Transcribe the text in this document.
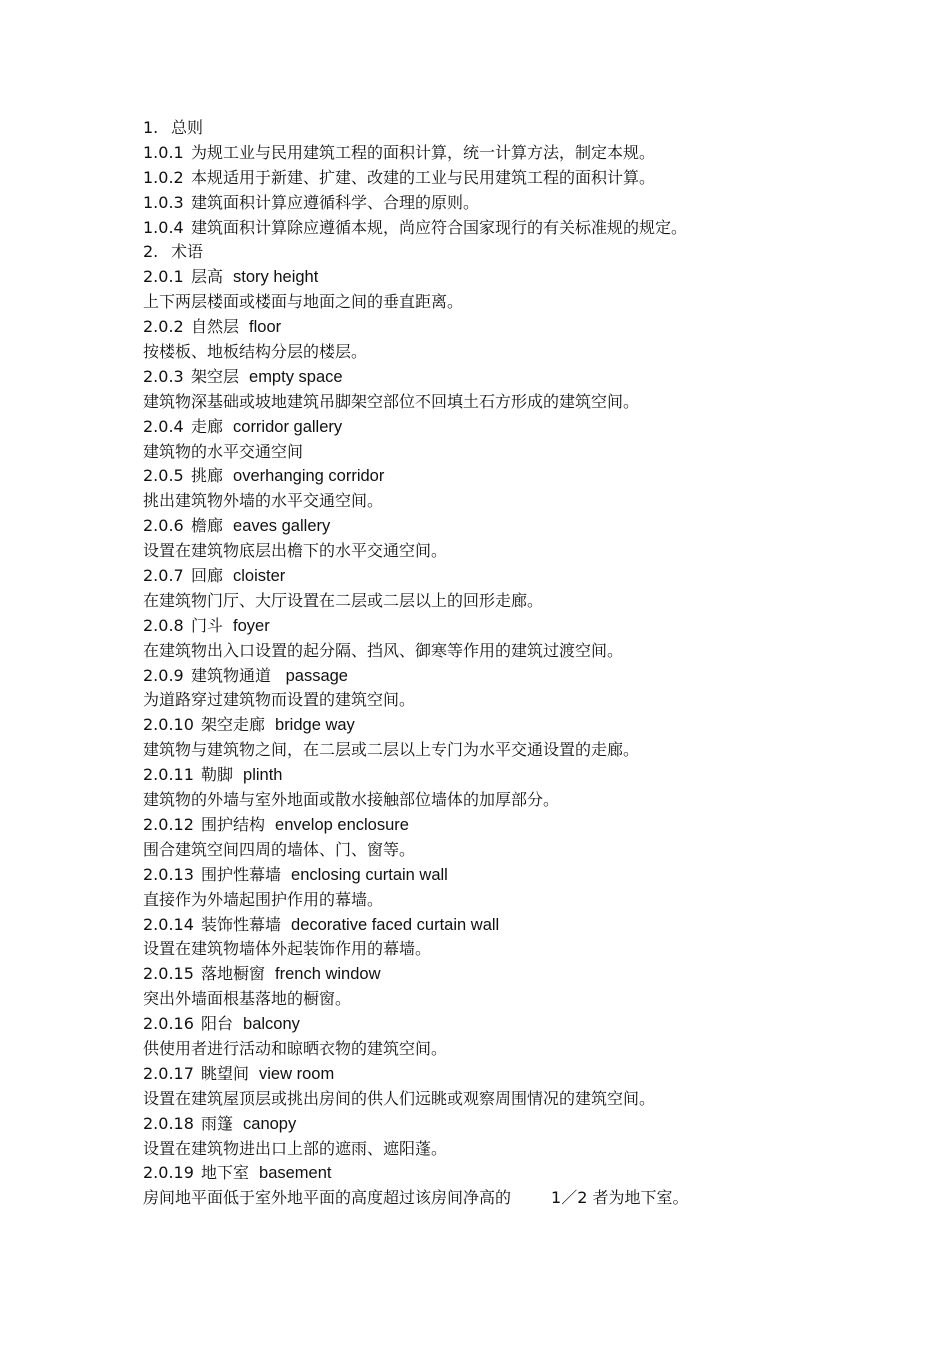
1. 总则
1.0.1 为规工业与民用建筑工程的面积计算，统一计算方法，制定本规。
1.0.2 本规适用于新建、扩建、改建的工业与民用建筑工程的面积计算。
1.0.3 建筑面积计算应遵循科学、合理的原则。
1.0.4 建筑面积计算除应遵循本规，尚应符合国家现行的有关标准规的规定。
2. 术语
2.0.1 层高 story height
上下两层楼面或楼面与地面之间的垂直距离。
2.0.2 自然层 floor
按楼板、地板结构分层的楼层。
2.0.3 架空层 empty space
建筑物深基础或坡地建筑吊脚架空部位不回填土石方形成的建筑空间。
2.0.4 走廊 corridor gallery
建筑物的水平交通空间
2.0.5 挑廊 overhanging corridor
挑出建筑物外墙的水平交通空间。
2.0.6 檐廊 eaves gallery
设置在建筑物底层出檐下的水平交通空间。
2.0.7 回廊 cloister
在建筑物门厅、大厅设置在二层或二层以上的回形走廊。
2.0.8 门斗 foyer
在建筑物出入口设置的起分隔、挡风、御寒等作用的建筑过渡空间。
2.0.9 建筑物通道 passage
为道路穿过建筑物而设置的建筑空间。
2.0.10 架空走廊 bridge way
建筑物与建筑物之间，在二层或二层以上专门为水平交通设置的走廊。
2.0.11 勒脚 plinth
建筑物的外墙与室外地面或散水接触部位墙体的加厚部分。
2.0.12 围护结构 envelop enclosure
围合建筑空间四周的墙体、门、窗等。
2.0.13 围护性幕墙 enclosing curtain wall
直接作为外墙起围护作用的幕墙。
2.0.14 装饰性幕墙 decorative faced curtain wall
设置在建筑物墙体外起装饰作用的幕墙。
2.0.15 落地橱窗 french window
突出外墙面根基落地的橱窗。
2.0.16 阳台 balcony
供使用者进行活动和晾晒衣物的建筑空间。
2.0.17 眺望间 view room
设置在建筑屋顶层或挑出房间的供人们远眺或观察周围情况的建筑空间。
2.0.18 雨篷 canopy
设置在建筑物进出口上部的遮雨、遮阳蓬。
2.0.19 地下室 basement
房间地平面低于室外地平面的高度超过该房间净高的	1／2 者为地下室。
